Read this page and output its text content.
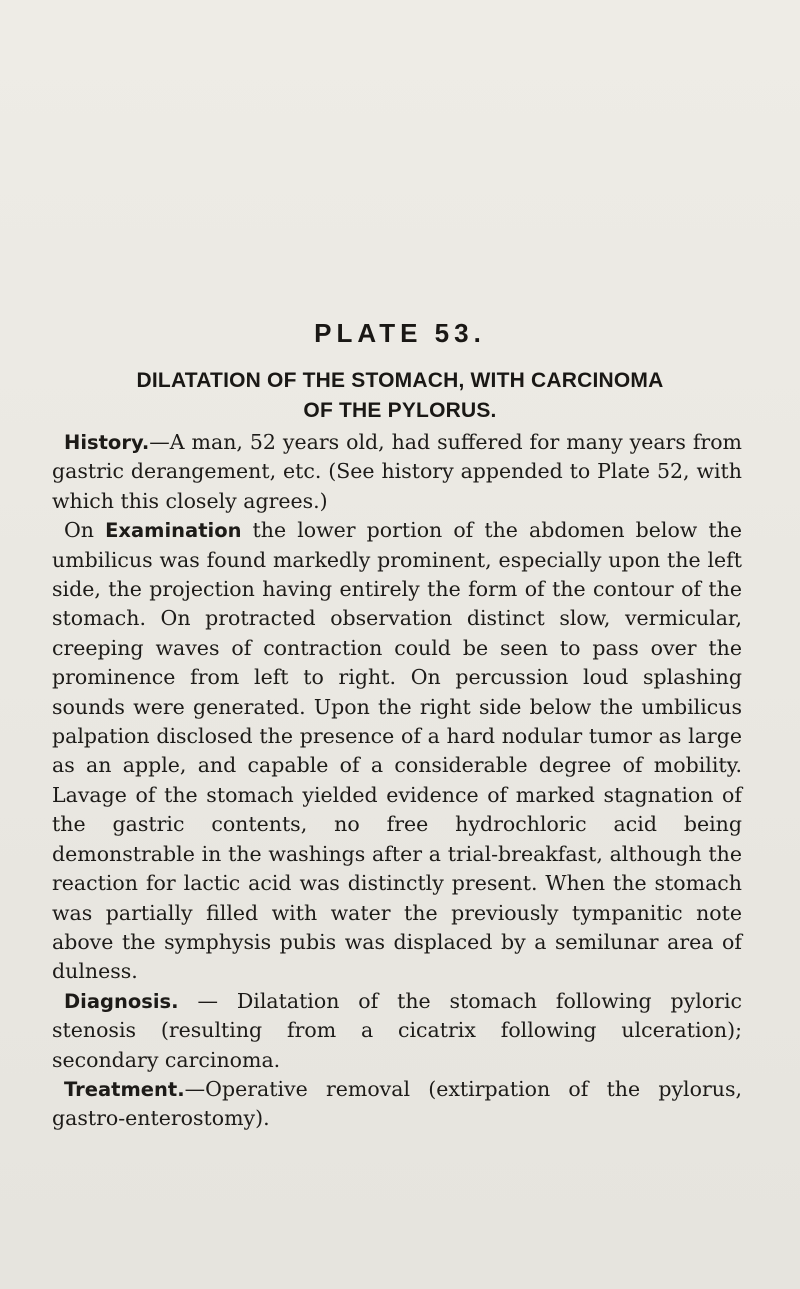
PLATE 53.
DILATATION OF THE STOMACH, WITH CARCINOMA
OF THE PYLORUS.

History.—A man, 52 years old, had suffered for many years from gastric derangement, etc. (See history appended to Plate 52, with which this closely agrees.)

On Examination the lower portion of the abdomen below the umbilicus was found markedly prominent, especially upon the left side, the projection having entirely the form of the contour of the stomach. On protracted observation distinct slow, vermicular, creeping waves of contraction could be seen to pass over the prominence from left to right. On percussion loud splashing sounds were generated. Upon the right side below the umbilicus palpation disclosed the presence of a hard nodular tumor as large as an apple, and capable of a considerable degree of mobility. Lavage of the stomach yielded evidence of marked stagnation of the gastric contents, no free hydrochloric acid being demonstrable in the washings after a trial-breakfast, although the reaction for lactic acid was distinctly present. When the stomach was partially filled with water the previously tympanitic note above the symphysis pubis was displaced by a semilunar area of dulness.

Diagnosis. — Dilatation of the stomach following pyloric stenosis (resulting from a cicatrix following ulceration); secondary carcinoma.

Treatment.—Operative removal (extirpation of the pylorus, gastro-enterostomy).
